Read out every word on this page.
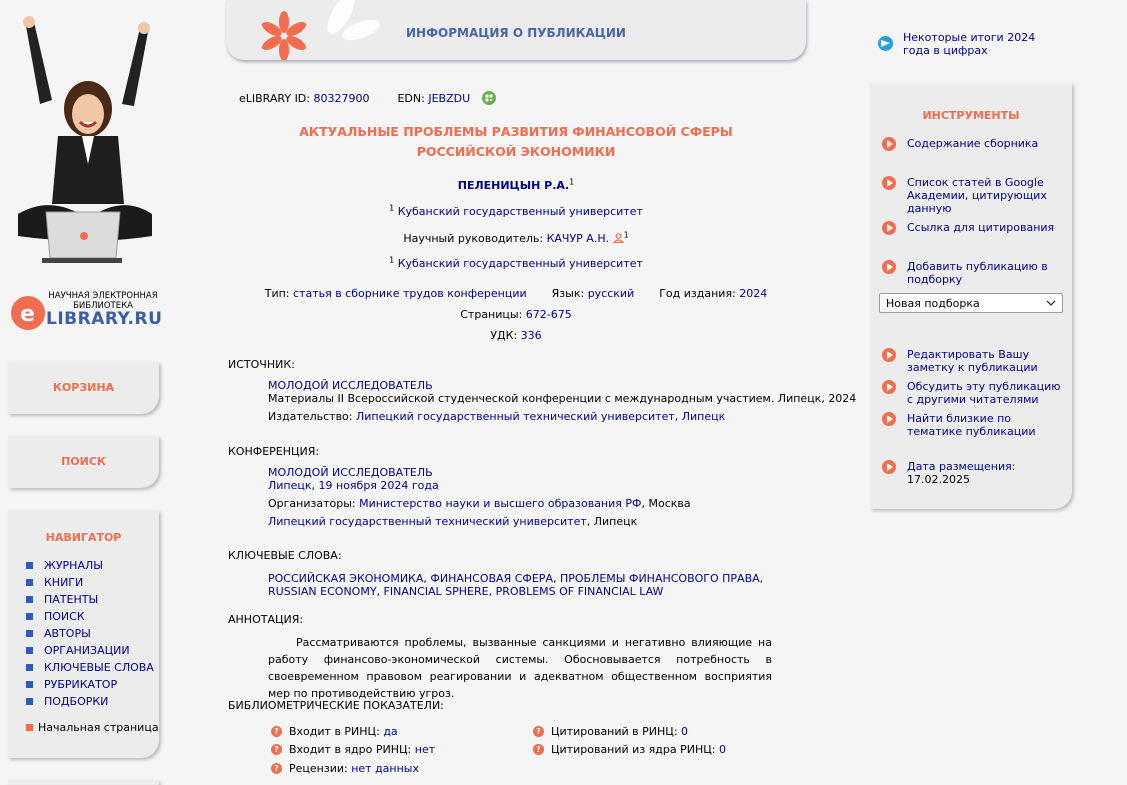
e
НАУЧНАЯ ЭЛЕКТРОННАЯ
БИБЛИОТЕКА
LIBRARY.RU
КОРЗИНА
ПОИСК
НАВИГАТОР
ЖУРНАЛЫ
КНИГИ
ПАТЕНТЫ
ПОИСК
АВТОРЫ
ОРГАНИЗАЦИИ
КЛЮЧЕВЫЕ СЛОВА
РУБРИКАТОР
ПОДБОРКИ
Начальная страница
ИНФОРМАЦИЯ О ПУБЛИКАЦИИ
eLIBRARY ID:
80327900	EDN:
JEBZDU
АКТУАЛЬНЫЕ ПРОБЛЕМЫ РАЗВИТИЯ ФИНАНСОВОЙ СФЕРЫ
РОССИЙСКОЙ ЭКОНОМИКИ
ПЕЛЕНИЦЫН Р.А.$^1$
$^1$ Кубанский государственный университет
Научный руководитель: КАЧУР А.Н. $^1$
$^1$ Кубанский государственный университет
Тип: статья в сборнике трудов конференции Язык: русский Год издания: 2024
Страницы: 672-675
УДК: 336
ИСТОЧНИК:
МОЛОДОЙ ИССЛЕДОВАТЕЛЬ
Материалы II Всероссийской студенческой конференции с международным участием. Липецк, 2024
Издательство: Липецкий государственный технический университет, Липецк
КОНФЕРЕНЦИЯ:
МОЛОДОЙ ИССЛЕДОВАТЕЛЬ
Липецк, 19 ноября 2024 года
Организаторы: Министерство науки и высшего образования РФ, Москва
Липецкий государственный технический университет, Липецк
КЛЮЧЕВЫЕ СЛОВА:
РОССИЙСКАЯ ЭКОНОМИКА, ФИНАНСОВАЯ СФЕРА, ПРОБЛЕМЫ ФИНАНСОВОГО ПРАВА, RUSSIAN ECONOMY, FINANCIAL SPHERE, PROBLEMS OF FINANCIAL LAW
АННОТАЦИЯ:
Рассматриваются проблемы, вызванные санкциями и негативно влияющие на работу финансово-экономической системы. Обосновывается потребность в своевременном правовом реагировании и адекватном общественном восприятия мер по противодействию угроз.
БИБЛИОМЕТРИЧЕСКИЕ ПОКАЗАТЕЛИ:
? Входит в РИНЦ:
да
? Входит в ядро РИНЦ:
нет
? Рецензии:
нет данных
? Цитирований в РИНЦ:
0
? Цитирований из ядра РИНЦ:
0
Некоторые итоги 2024 года в цифрах
ИНСТРУМЕНТЫ
Содержание сборника
Список статей в Google Академии, цитирующих данную
Ссылка для цитирования
Добавить публикацию в подборку
Новая подборка
Редактировать Вашу заметку к публикации
Обсудить эту публикацию с другими читателями
Найти близкие по тематике публикации
Дата размещения:
17.02.2025
